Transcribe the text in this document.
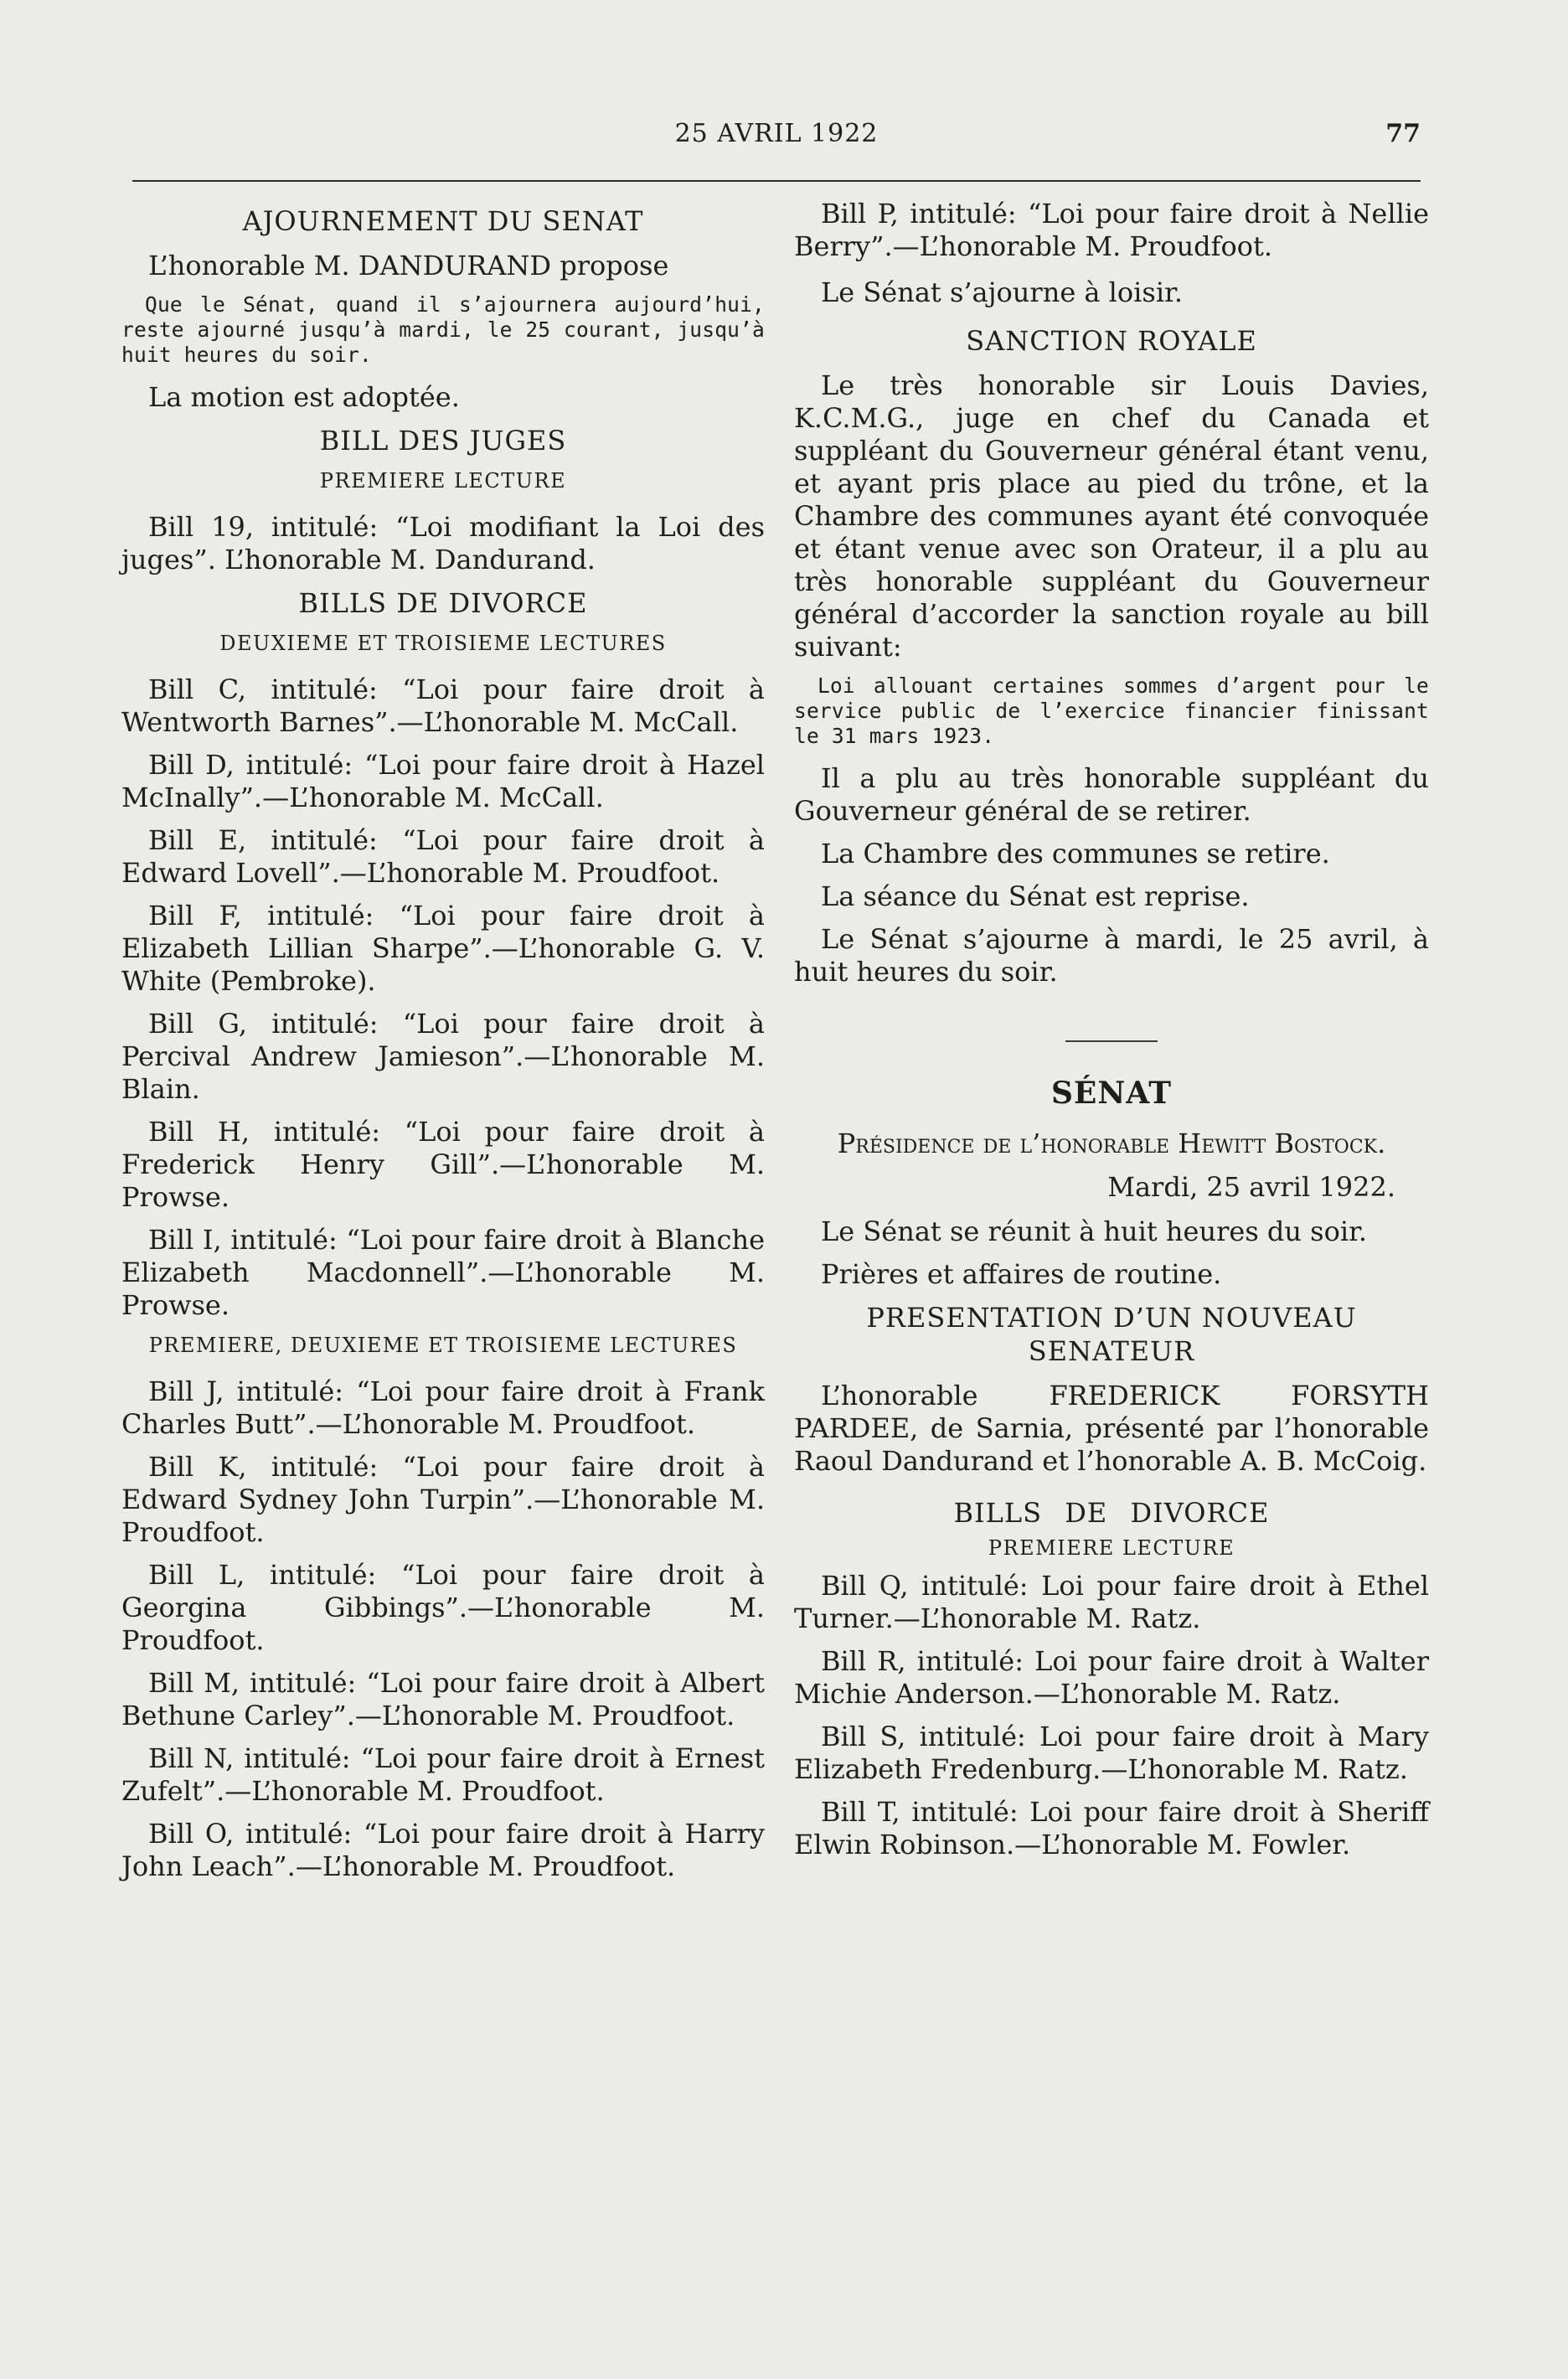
25 AVRIL 1922	77

AJOURNEMENT DU SENAT

L’honorable M. DANDURAND propose

Que le Sénat, quand il s’ajournera aujourd’hui, reste ajourné jusqu’à mardi, le 25 courant, jusqu’à huit heures du soir.

La motion est adoptée.

BILL DES JUGES

PREMIERE LECTURE

Bill 19, intitulé: “Loi modifiant la Loi des juges”. L’honorable M. Dandurand.

BILLS DE DIVORCE

DEUXIEME ET TROISIEME LECTURES

Bill C, intitulé: “Loi pour faire droit à Wentworth Barnes”.—L’honorable M. McCall.

Bill D, intitulé: “Loi pour faire droit à Hazel McInally”.—L’honorable M. McCall.

Bill E, intitulé: “Loi pour faire droit à Edward Lovell”.—L’honorable M. Proudfoot.

Bill F, intitulé: “Loi pour faire droit à Elizabeth Lillian Sharpe”.—L’honorable G. V. White (Pembroke).

Bill G, intitulé: “Loi pour faire droit à Percival Andrew Jamieson”.—L’honorable M. Blain.

Bill H, intitulé: “Loi pour faire droit à Frederick Henry Gill”.—L’honorable M. Prowse.

Bill I, intitulé: “Loi pour faire droit à Blanche Elizabeth Macdonnell”.—L’honorable M. Prowse.

PREMIERE, DEUXIEME ET TROISIEME LECTURES

Bill J, intitulé: “Loi pour faire droit à Frank Charles Butt”.—L’honorable M. Proudfoot.

Bill K, intitulé: “Loi pour faire droit à Edward Sydney John Turpin”.—L’honorable M. Proudfoot.

Bill L, intitulé: “Loi pour faire droit à Georgina Gibbings”.—L’honorable M. Proudfoot.

Bill M, intitulé: “Loi pour faire droit à Albert Bethune Carley”.—L’honorable M. Proudfoot.

Bill N, intitulé: “Loi pour faire droit à Ernest Zufelt”.—L’honorable M. Proudfoot.

Bill O, intitulé: “Loi pour faire droit à Harry John Leach”.—L’honorable M. Proudfoot.

Bill P, intitulé: “Loi pour faire droit à Nellie Berry”.—L’honorable M. Proudfoot.

Le Sénat s’ajourne à loisir.

SANCTION ROYALE

Le très honorable sir Louis Davies, K.C.M.G., juge en chef du Canada et suppléant du Gouverneur général étant venu, et ayant pris place au pied du trône, et la Chambre des communes ayant été convoquée et étant venue avec son Orateur, il a plu au très honorable suppléant du Gouverneur général d’accorder la sanction royale au bill suivant:

Loi allouant certaines sommes d’argent pour le service public de l’exercice financier finissant le 31 mars 1923.

Il a plu au très honorable suppléant du Gouverneur général de se retirer.

La Chambre des communes se retire.

La séance du Sénat est reprise.

Le Sénat s’ajourne à mardi, le 25 avril, à huit heures du soir.

SÉNAT

Présidence de l’honorable Hewitt Bostock.

Mardi, 25 avril 1922.

Le Sénat se réunit à huit heures du soir.

Prières et affaires de routine.

PRESENTATION D’UN NOUVEAU SENATEUR

L’honorable FREDERICK FORSYTH PARDEE, de Sarnia, présenté par l’honorable Raoul Dandurand et l’honorable A. B. McCoig.

BILLS DE DIVORCE

PREMIERE LECTURE

Bill Q, intitulé: Loi pour faire droit à Ethel Turner.—L’honorable M. Ratz.

Bill R, intitulé: Loi pour faire droit à Walter Michie Anderson.—L’honorable M. Ratz.

Bill S, intitulé: Loi pour faire droit à Mary Elizabeth Fredenburg.—L’honorable M. Ratz.

Bill T, intitulé: Loi pour faire droit à Sheriff Elwin Robinson.—L’honorable M. Fowler.
